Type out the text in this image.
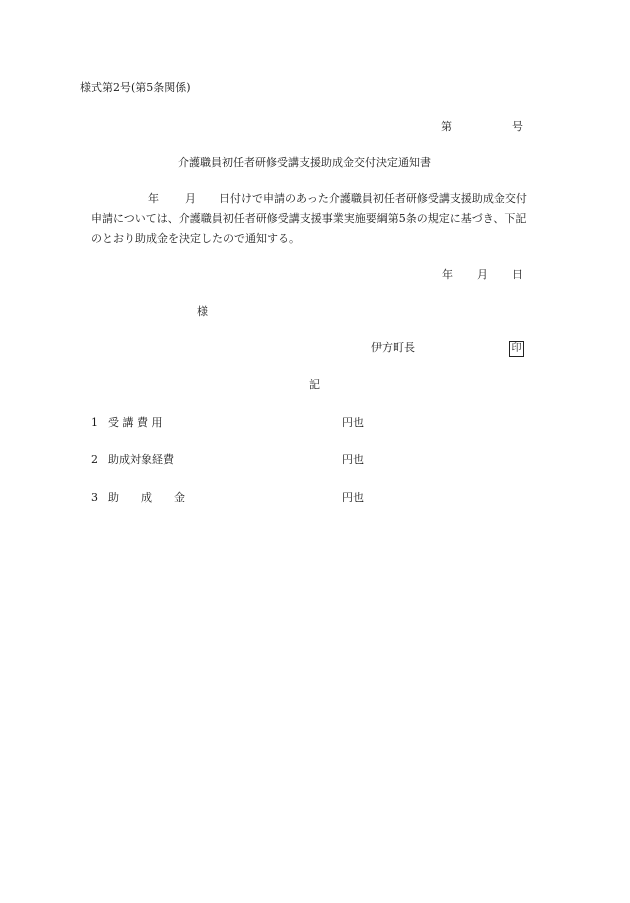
様式第2号(第5条関係)
第	号
介護職員初任者研修受講支援助成金交付決定通知書
年 月 日付けで申請のあった介護職員初任者研修受講支援助成金交付
申請については、介護職員初任者研修受講支援事業実施要綱第5条の規定に基づき、下記
のとおり助成金を決定したので通知する。
年 月 日
様
伊方町長	印
記
1 受 講 費 用	円也
2 助成対象経費	円也
3 助　　成　　金	円也
